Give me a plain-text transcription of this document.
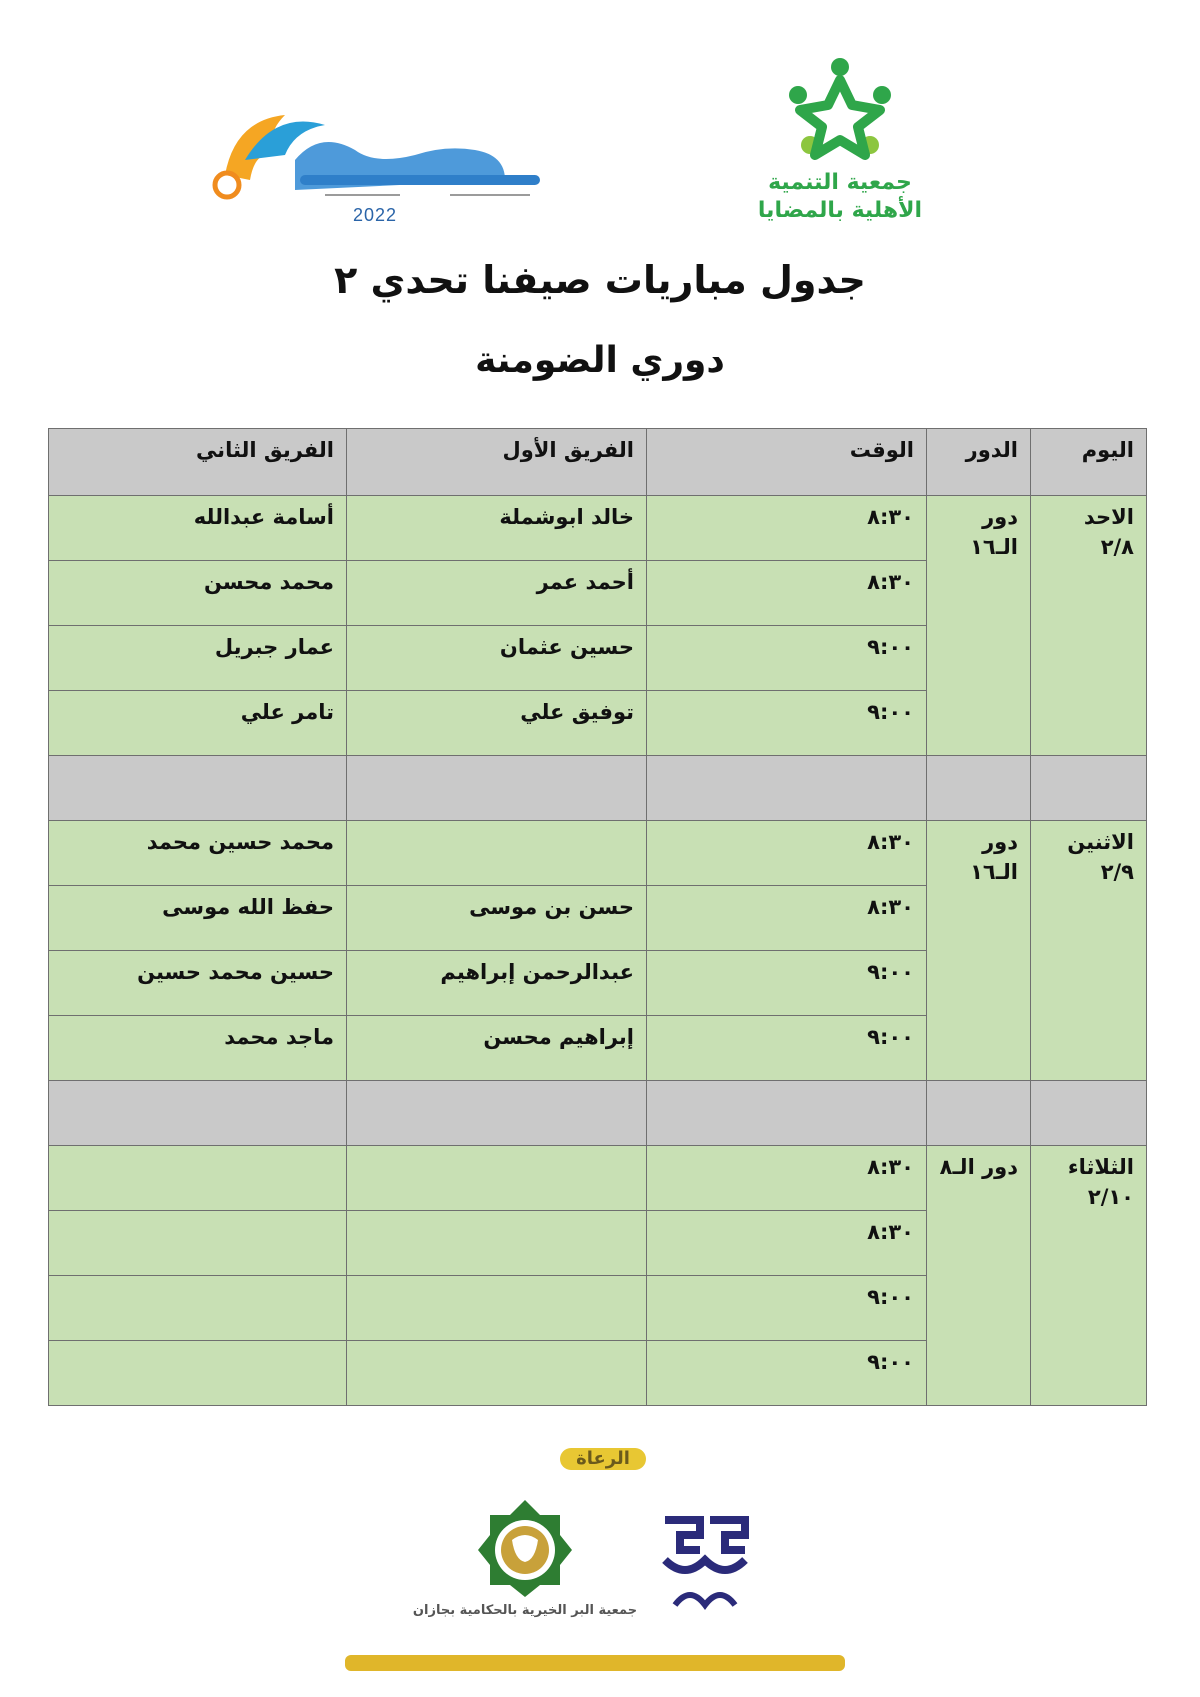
2022
جمعية التنمية
الأهلية بالمضايا
جدول مباريات صيفنا تحدي ٢
دوري الضومنة
اليوم	الدور	الوقت	الفريق الأول	الفريق الثاني
الاحد
٢/٨	دور الـ١٦	٨:٣٠	خالد ابوشملة	أسامة عبدالله
		٨:٣٠	أحمد عمر	محمد محسن
		٩:٠٠	حسين عثمان	عمار جبريل
		٩:٠٠	توفيق علي	تامر علي

الاثنين
٢/٩	دور الـ١٦	٨:٣٠		محمد حسين محمد
		٨:٣٠	حسن بن موسى	حفظ الله موسى
		٩:٠٠	عبدالرحمن إبراهيم	حسين محمد حسين
		٩:٠٠	إبراهيم محسن	ماجد محمد

الثلاثاء
٢/١٠	دور الـ٨	٨:٣٠		
		٨:٣٠		
		٩:٠٠		
		٩:٠٠		
الرعاة
جمعية البر الخيرية بالحكامية بجازان
